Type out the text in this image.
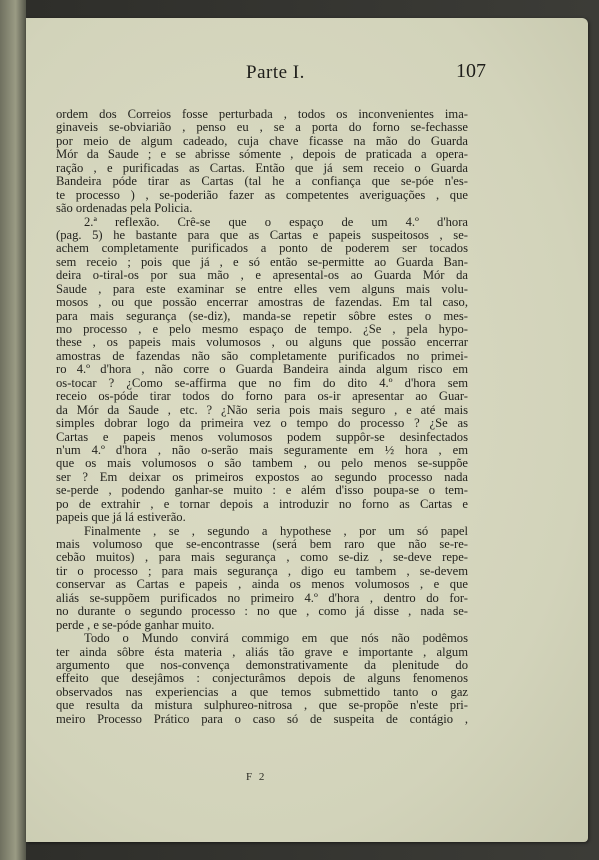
Parte I.	107
ordem dos Correios fosse perturbada , todos os inconvenientes ima-
ginaveis se-obviarião , penso eu , se a porta do forno se-fechasse
por meio de algum cadeado, cuja chave ficasse na mão do Guarda
Mór da Saude ; e se abrisse sómente , depois de praticada a opera-
ração , e purificadas as Cartas. Então que já sem receio o Guarda
Bandeira póde tirar as Cartas (tal he a confiança que se-póe n'es-
te processo ) , se-poderião fazer as competentes averiguações , que
são ordenadas pela Policia.
2.ª reflexão. Crê-se que o espaço de um 4.º d'hora
(pag. 5) he bastante para que as Cartas e papeis suspeitosos , se-
achem completamente purificados a ponto de poderem ser tocados
sem receio ; pois que já , e só então se-permitte ao Guarda Ban-
deira o-tiral-os por sua mão , e apresental-os ao Guarda Mór da
Saude , para este examinar se entre elles vem alguns mais volu-
mosos , ou que possão encerrar amostras de fazendas. Em tal caso,
para mais segurança (se-diz), manda-se repetir sôbre estes o mes-
mo processo , e pelo mesmo espaço de tempo. ¿Se , pela hypo-
these , os papeis mais volumosos , ou alguns que possão encerrar
amostras de fazendas não são completamente purificados no primei-
ro 4.º d'hora , não corre o Guarda Bandeira ainda algum risco em
os-tocar ? ¿Como se-affirma que no fim do dito 4.º d'hora sem
receio os-póde tirar todos do forno para os-ir apresentar ao Guar-
da Mór da Saude , etc. ? ¿Não seria pois mais seguro , e até mais
simples dobrar logo da primeira vez o tempo do processo ? ¿Se as
Cartas e papeis menos volumosos podem suppôr-se desinfectados
n'um 4.º d'hora , não o-serão mais seguramente em ½ hora , em
que os mais volumosos o são tambem , ou pelo menos se-suppõe
ser ? Em deixar os primeiros expostos ao segundo processo nada
se-perde , podendo ganhar-se muito : e além d'isso poupa-se o tem-
po de extrahir , e tornar depois a introduzir no forno as Cartas e
papeis que já lá estiverão.
Finalmente , se , segundo a hypothese , por um só papel
mais volumoso que se-encontrasse (será bem raro que não se-re-
cebão muitos) , para mais segurança , como se-diz , se-deve repe-
tir o processo ; para mais segurança , digo eu tambem , se-devem
conservar as Cartas e papeis , ainda os menos volumosos , e que
aliás se-suppõem purificados no primeiro 4.º d'hora , dentro do for-
no durante o segundo processo : no que , como já disse , nada se-
perde , e se-póde ganhar muito.
Todo o Mundo convirá commigo em que nós não podêmos
ter ainda sôbre ésta materia , aliás tão grave e importante , algum
argumento que nos-convença demonstrativamente da plenitude do
effeito que desejâmos : conjecturâmos depois de alguns fenomenos
observados nas experiencias a que temos submettido tanto o gaz
que resulta da mistura sulphureo-nitrosa , que se-propõe n'este pri-
meiro Processo Prático para o caso só de suspeita de contágio ,
F 2
